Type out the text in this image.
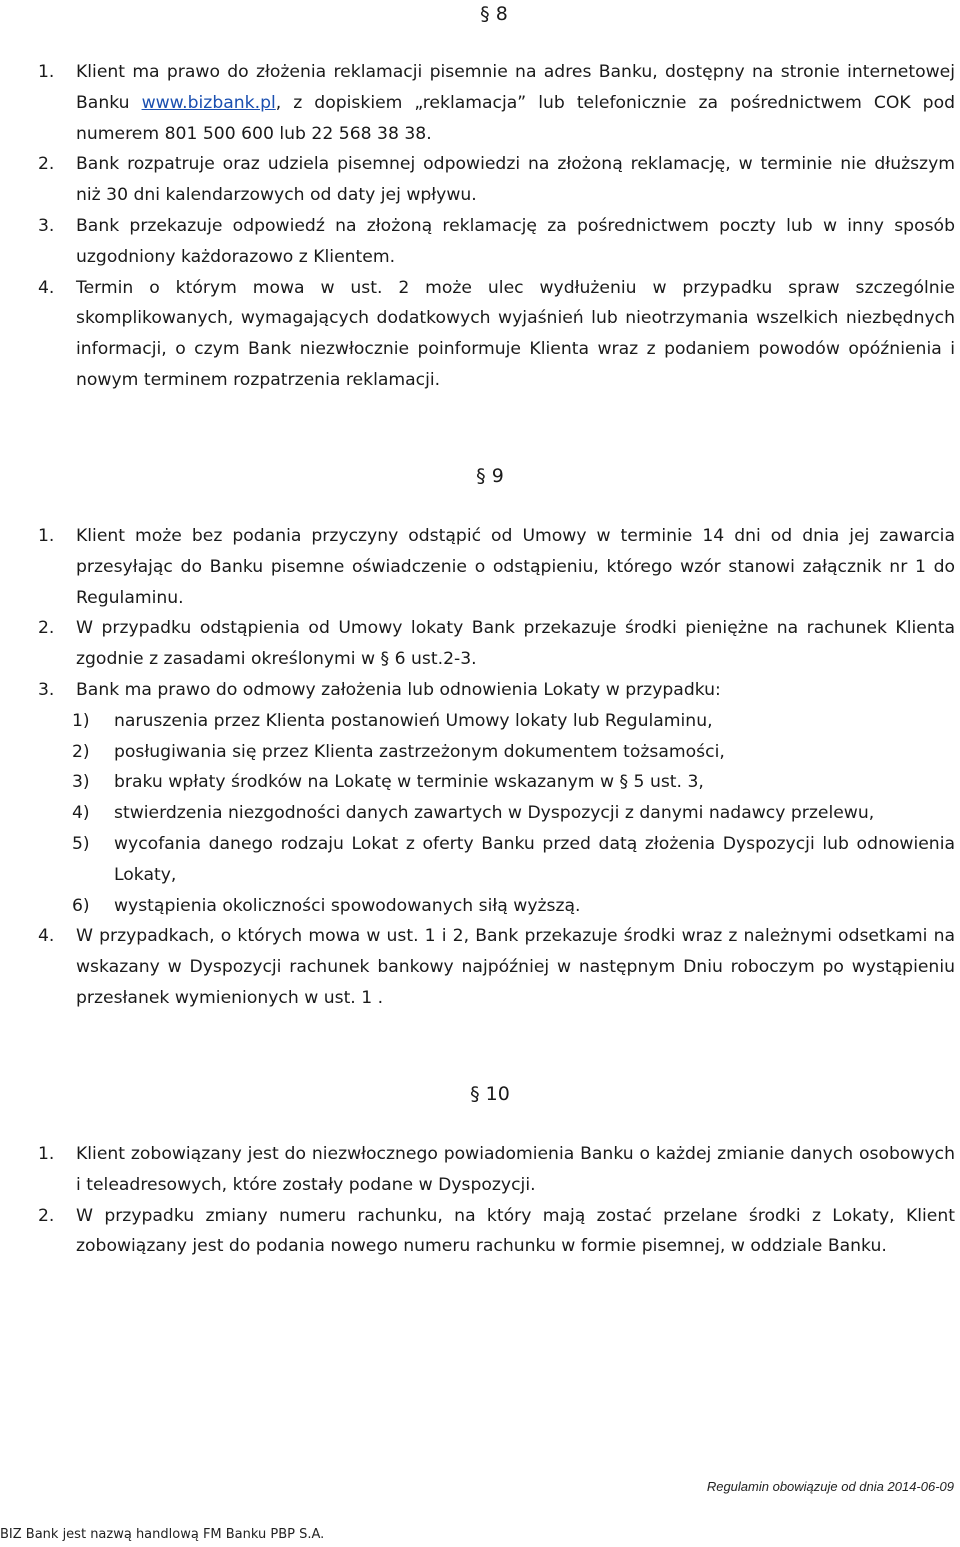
§ 8
1. Klient ma prawo do złożenia reklamacji pisemnie na adres Banku, dostępny na stronie internetowej Banku www.bizbank.pl, z dopiskiem „reklamacja” lub telefonicznie za pośrednictwem COK pod numerem 801 500 600 lub 22 568 38 38.
2. Bank rozpatruje oraz udziela pisemnej odpowiedzi na złożoną reklamację, w terminie nie dłuższym niż 30 dni kalendarzowych od daty jej wpływu.
3. Bank przekazuje odpowiedź na złożoną reklamację za pośrednictwem poczty lub w inny sposób uzgodniony każdorazowo z Klientem.
4. Termin o którym mowa w ust. 2 może ulec wydłużeniu w przypadku spraw szczególnie skomplikowanych, wymagających dodatkowych wyjaśnień lub nieotrzymania wszelkich niezbędnych informacji, o czym Bank niezwłocznie poinformuje Klienta wraz z podaniem powodów opóźnienia i nowym terminem rozpatrzenia reklamacji.
§ 9
1. Klient może bez podania przyczyny odstąpić od Umowy w terminie 14 dni od dnia jej zawarcia przesyłając do Banku pisemne oświadczenie o odstąpieniu, którego wzór stanowi załącznik nr 1 do Regulaminu.
2. W przypadku odstąpienia od Umowy lokaty Bank przekazuje środki pieniężne na rachunek Klienta zgodnie z zasadami określonymi w § 6 ust.2-3.
3. Bank ma prawo do odmowy założenia lub odnowienia Lokaty w przypadku:
1) naruszenia przez Klienta postanowień Umowy lokaty lub Regulaminu,
2) posługiwania się przez Klienta zastrzeżonym dokumentem tożsamości,
3) braku wpłaty środków na Lokatę w terminie wskazanym w § 5 ust. 3,
4) stwierdzenia niezgodności danych zawartych w Dyspozycji z danymi nadawcy przelewu,
5) wycofania danego rodzaju Lokat z oferty Banku przed datą złożenia Dyspozycji lub odnowienia Lokaty,
6) wystąpienia okoliczności spowodowanych siłą wyższą.
4. W przypadkach, o których mowa w ust. 1 i 2, Bank przekazuje środki wraz z należnymi odsetkami na wskazany w Dyspozycji rachunek bankowy najpóźniej w następnym Dniu roboczym po wystąpieniu przesłanek wymienionych w ust. 1 .
§ 10
1. Klient zobowiązany jest do niezwłocznego powiadomienia Banku o każdej zmianie danych osobowych i teleadresowych, które zostały podane w Dyspozycji.
2. W przypadku zmiany numeru rachunku, na który mają zostać przelane środki z Lokaty, Klient zobowiązany jest do podania nowego numeru rachunku w formie pisemnej, w oddziale Banku.
Regulamin obowiązuje od dnia 2014-06-09
BIZ Bank jest nazwą handlową FM Banku PBP S.A.
